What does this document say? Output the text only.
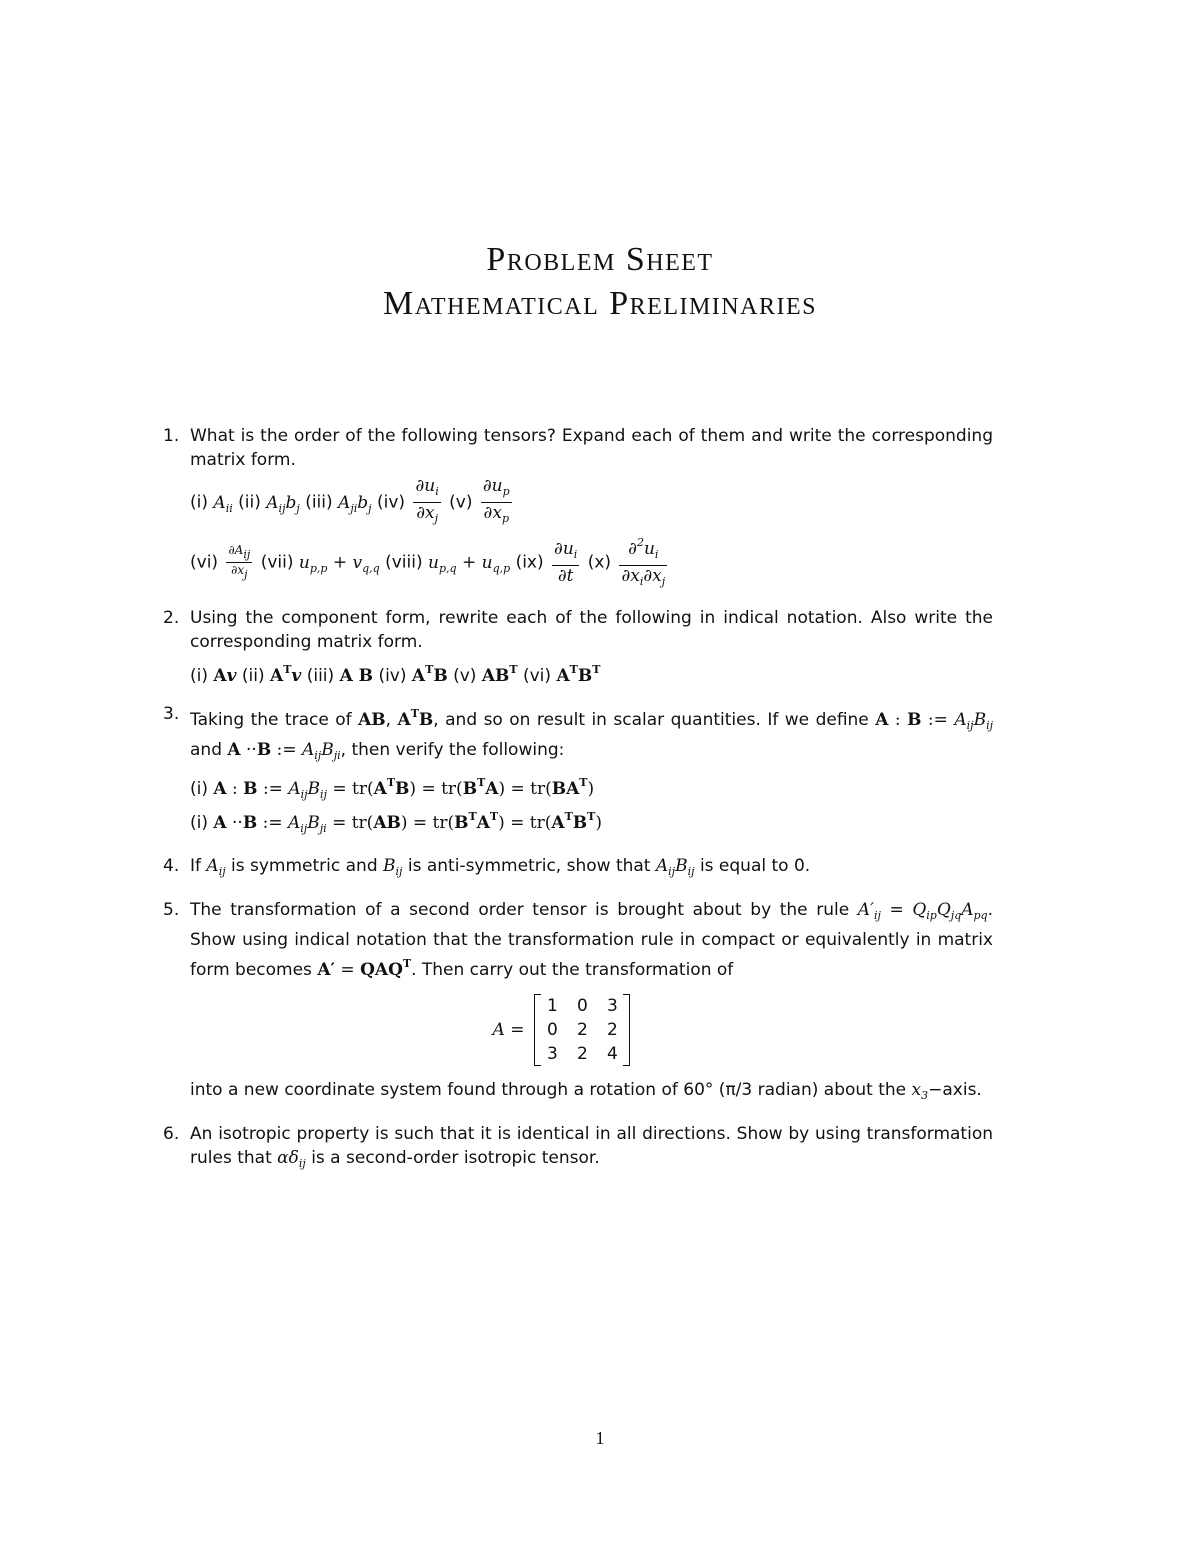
Problem Sheet
Mathematical Preliminaries
1. What is the order of the following tensors? Expand each of them and write the corresponding matrix form.
(i) $A_{ii}$ (ii) $A_{ij}b_j$ (iii) $A_{ji}b_j$ $(iv) \frac{\partial u_i}{\partial x_j} (v) \frac{\partial u_p}{\partial x_p}$
$(vi) \frac{\partial A_{ij}}{\partial x_j} (vii) u_{p,p} + v_{q,q}$ (viii) $u_{p,q} + u_{q,p}$ $(ix) \frac{\partial u_i}{\partial t} (x) \frac{\partial^2u_i}{\partial x_i\partial x_j}$
2. Using the component form, rewrite each of the following in indical notation. Also write the corresponding matrix form.
(i) Av (ii) $A^Tv$ (iii) A B (iv) $A^TB$ (v) $AB^T$ (vi) $A^TB^T$
3. Taking the trace of AB, $A^TB$, and so on result in scalar quantities. If we define A : B := $A_{ij}B_{ij}$ and A ··B := $A_{ij}B_{ji}$, then verify the following:
(i) A : B := $A_{ij}B_{ij} = tr(A^TB) = tr(B^TA) = tr(BA^T)$
(i) A ··B := $A_{ij}B_{ji} = tr(AB) = tr(B^TA^T) = tr(A^TB^T)$
4. If $A_{ij}$ is symmetric and $B_{ij}$ is anti-symmetric, show that $A_{ij}B_{ij}$ is equal to 0.
5. The transformation of a second order tensor is brought about by the rule $A'_{ij} = Q_{ip}Q_{jq}A_{pq}$. Show using indical notation that the transformation rule in compact or equivalently in matrix form becomes $A' = QAQ^T$. Then carry out the transformation of
A =
1	0	3
0	2	2
3	2	4
into a new coordinate system found through a rotation of 60° (π/3 radian) about the $x_3-axis$.
6. An isotropic property is such that it is identical in all directions. Show by using transformation rules that $\alpha\delta_{ij}$ is a second-order isotropic tensor.
1
